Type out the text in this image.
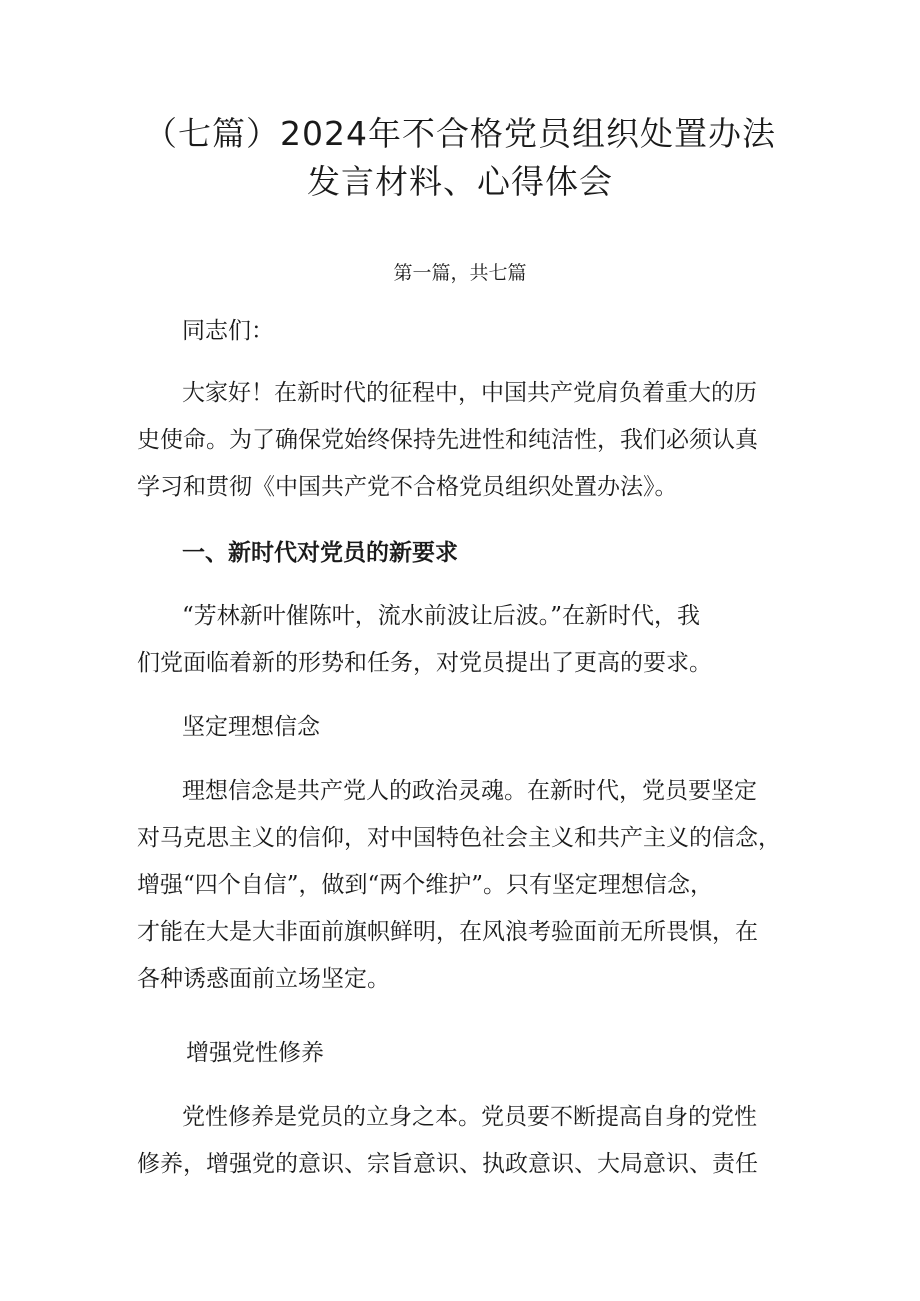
（七篇）2024年不合格党员组织处置办法
发言材料、心得体会
第一篇，共七篇
同志们：
大家好！在新时代的征程中，中国共产党肩负着重大的历
史使命。为了确保党始终保持先进性和纯洁性，我们必须认真
学习和贯彻《中国共产党不合格党员组织处置办法》。
一、新时代对党员的新要求
“芳林新叶催陈叶，流水前波让后波。”在新时代，我
们党面临着新的形势和任务，对党员提出了更高的要求。
坚定理想信念
理想信念是共产党人的政治灵魂。在新时代，党员要坚定
对马克思主义的信仰，对中国特色社会主义和共产主义的信念，
增强“四个自信”，做到“两个维护”。只有坚定理想信念，
才能在大是大非面前旗帜鲜明，在风浪考验面前无所畏惧，在
各种诱惑面前立场坚定。
增强党性修养
党性修养是党员的立身之本。党员要不断提高自身的党性
修养，增强党的意识、宗旨意识、执政意识、大局意识、责任
